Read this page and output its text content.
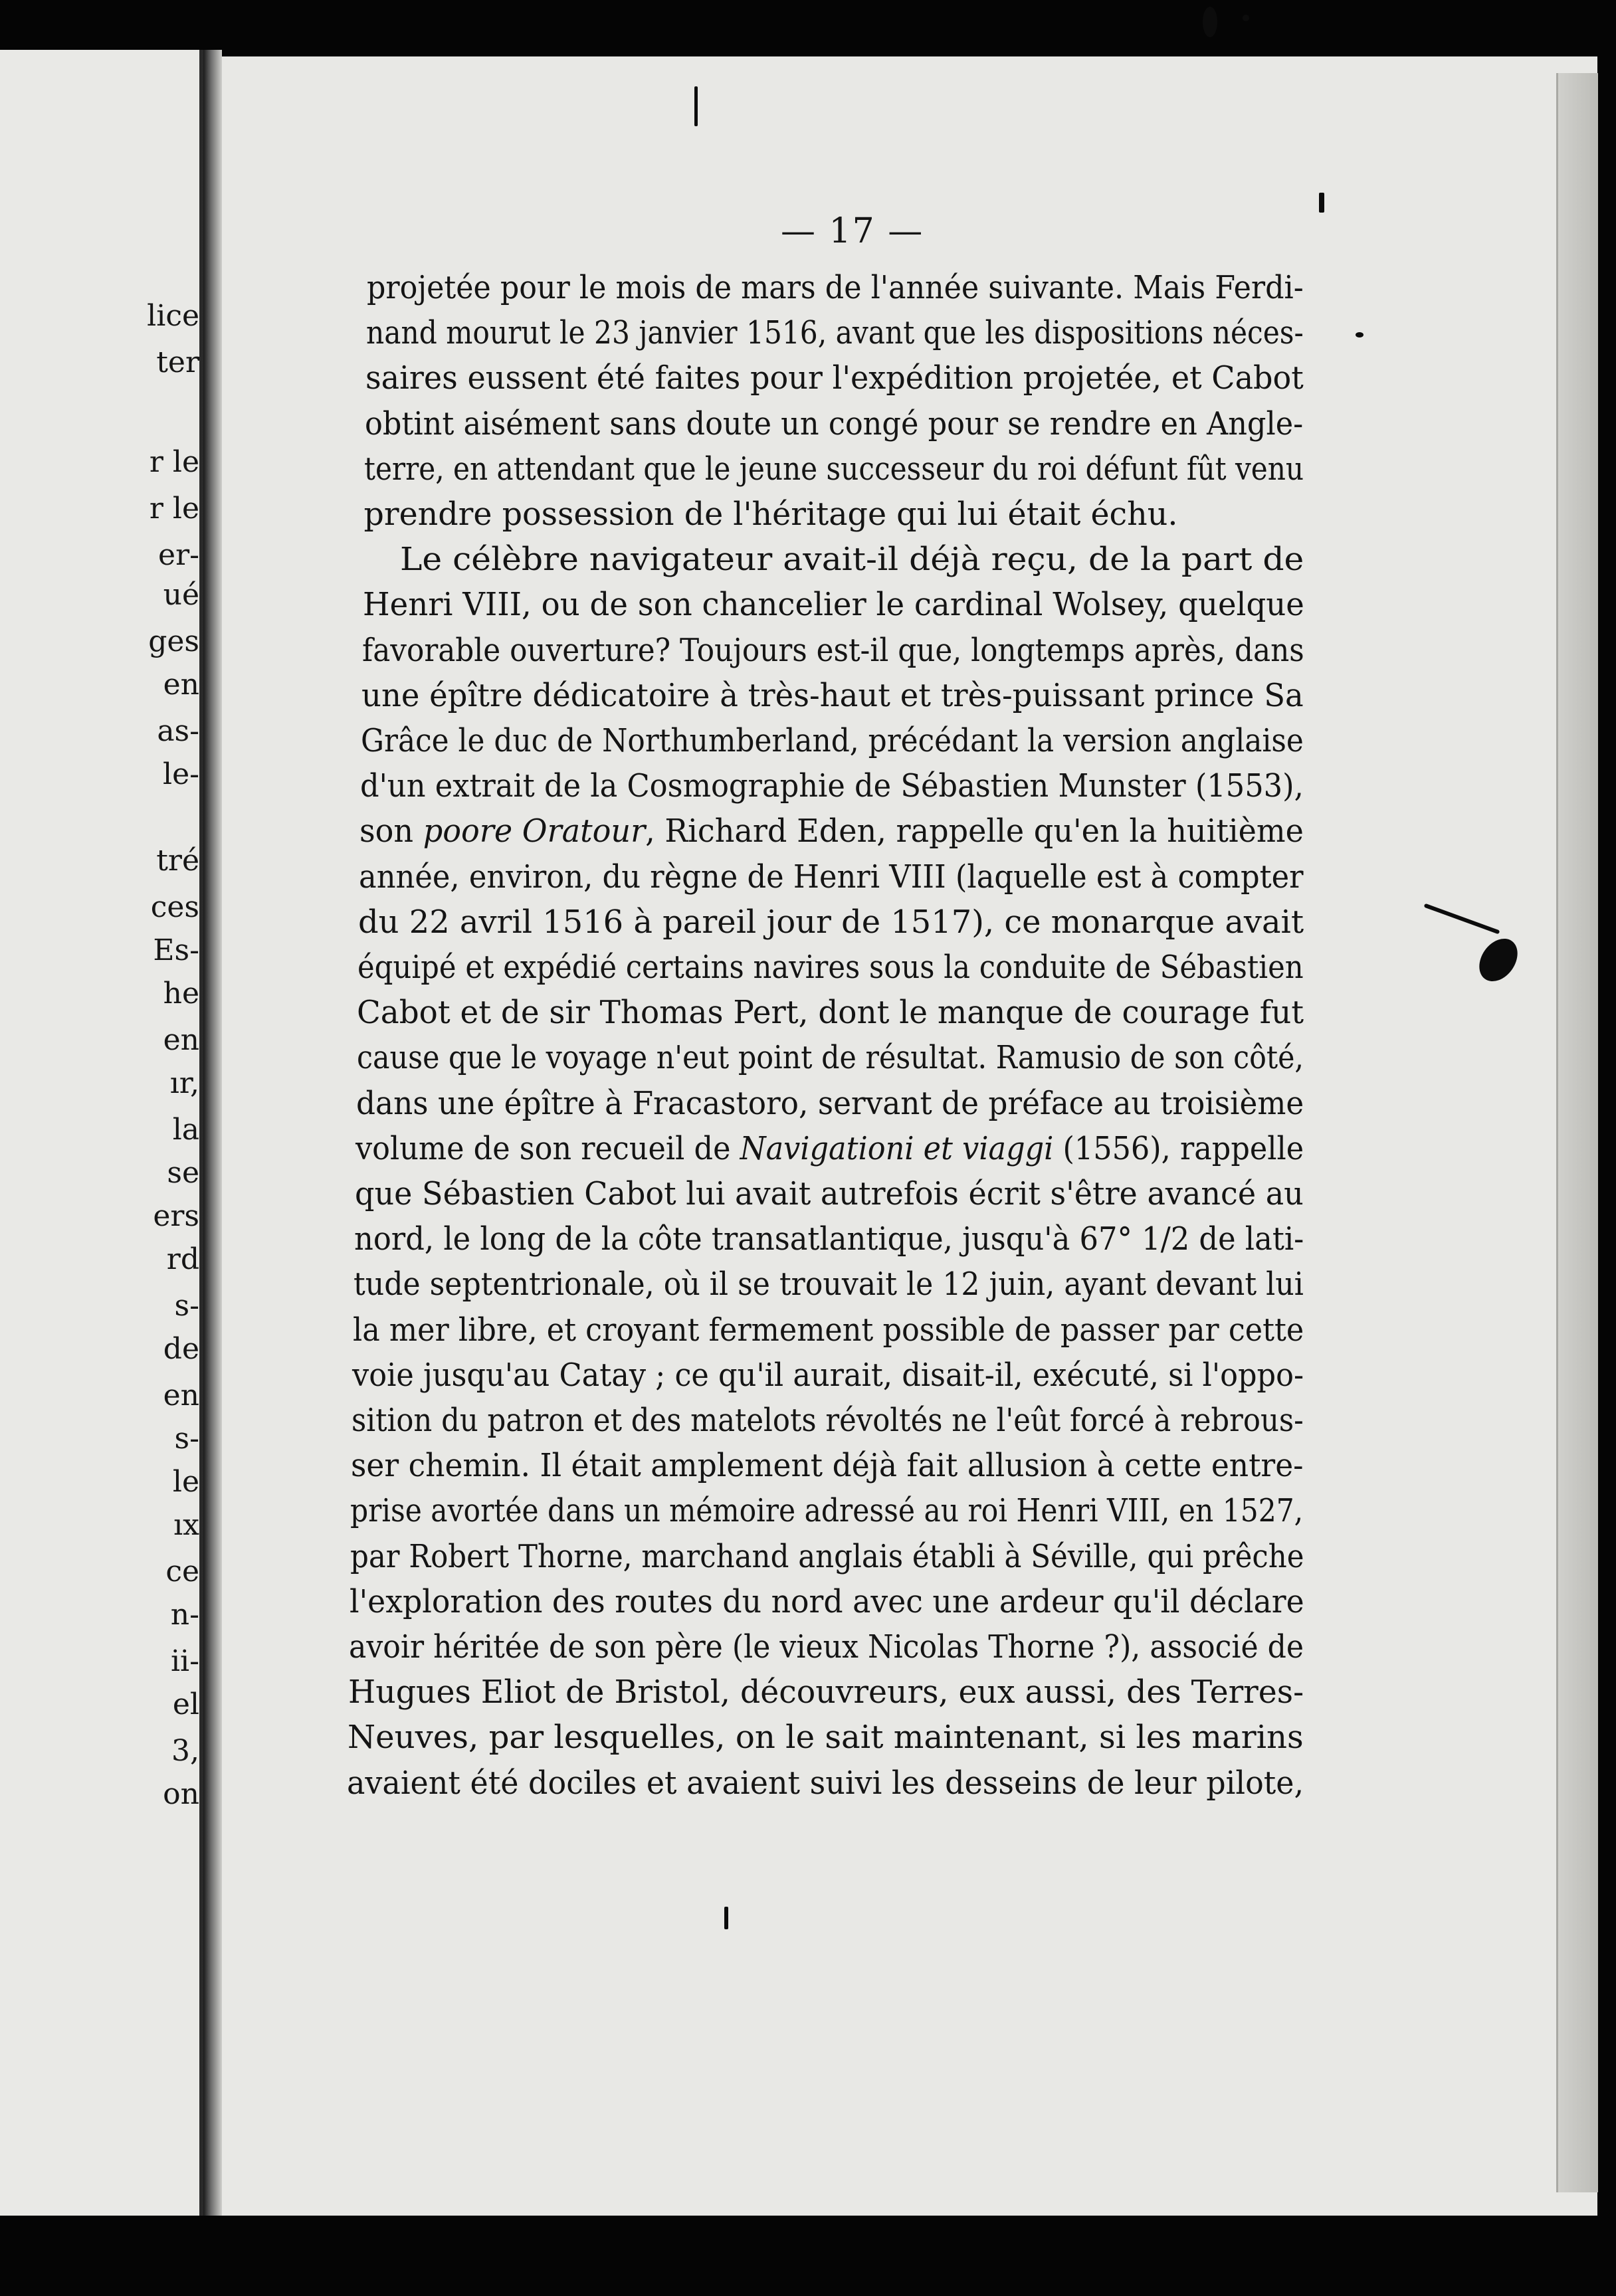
lice
ter
r le
r le
er-
ué
ges
en
as-
le-
tré
ces
Es-
he
en
ır,
la
se
ers
rd
s-
de
en
s-
le
ıx
ce
n-
ii-
el
3,
on
— 17 —
projetée pour le mois de mars de l'année suivante. Mais Ferdi-
nand mourut le 23 janvier 1516, avant que les dispositions néces-
saires eussent été faites pour l'expédition projetée, et Cabot
obtint aisément sans doute un congé pour se rendre en Angle-
terre, en attendant que le jeune successeur du roi défunt fût venu
prendre possession de l'héritage qui lui était échu.
Le célèbre navigateur avait-il déjà reçu, de la part de
Henri VIII, ou de son chancelier le cardinal Wolsey, quelque
favorable ouverture? Toujours est-il que, longtemps après, dans
une épître dédicatoire à très-haut et très-puissant prince Sa
Grâce le duc de Northumberland, précédant la version anglaise
d'un extrait de la Cosmographie de Sébastien Munster (1553),
son poore Oratour, Richard Eden, rappelle qu'en la huitième
année, environ, du règne de Henri VIII (laquelle est à compter
du 22 avril 1516 à pareil jour de 1517), ce monarque avait
équipé et expédié certains navires sous la conduite de Sébastien
Cabot et de sir Thomas Pert, dont le manque de courage fut
cause que le voyage n'eut point de résultat. Ramusio de son côté,
dans une épître à Fracastoro, servant de préface au troisième
volume de son recueil de Navigationi et viaggi (1556), rappelle
que Sébastien Cabot lui avait autrefois écrit s'être avancé au
nord, le long de la côte transatlantique, jusqu'à 67° 1/2 de lati-
tude septentrionale, où il se trouvait le 12 juin, ayant devant lui
la mer libre, et croyant fermement possible de passer par cette
voie jusqu'au Catay ; ce qu'il aurait, disait-il, exécuté, si l'oppo-
sition du patron et des matelots révoltés ne l'eût forcé à rebrous-
ser chemin. Il était amplement déjà fait allusion à cette entre-
prise avortée dans un mémoire adressé au roi Henri VIII, en 1527,
par Robert Thorne, marchand anglais établi à Séville, qui prêche
l'exploration des routes du nord avec une ardeur qu'il déclare
avoir héritée de son père (le vieux Nicolas Thorne ?), associé de
Hugues Eliot de Bristol, découvreurs, eux aussi, des Terres-
Neuves, par lesquelles, on le sait maintenant, si les marins
avaient été dociles et avaient suivi les desseins de leur pilote,
